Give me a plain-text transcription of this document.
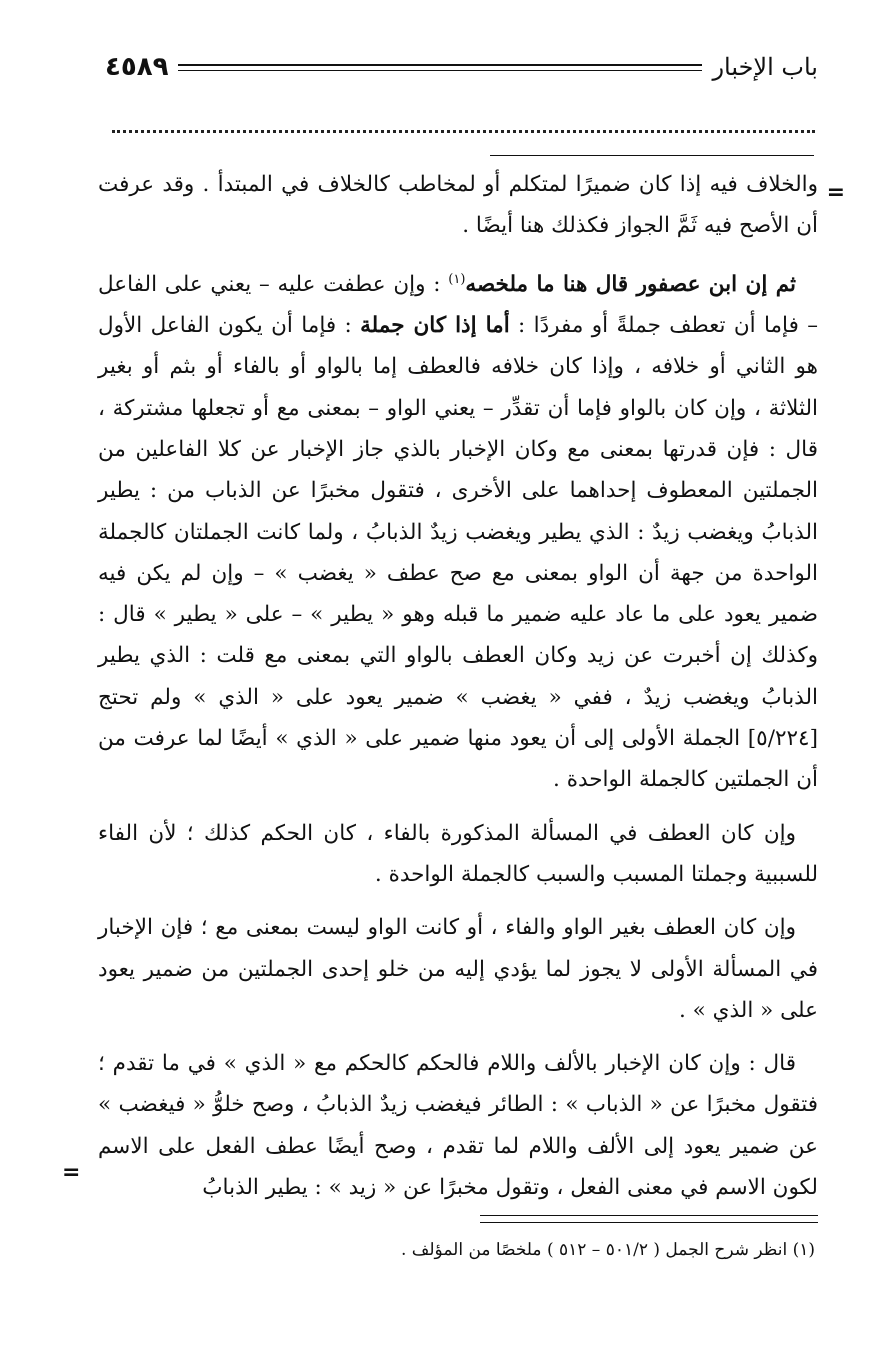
باب الإخبار
٤٥٨٩
=

والخلاف فيه إذا كان ضميرًا لمتكلم أو لمخاطب كالخلاف في المبتدأ . وقد عرفت أن الأصح فيه ثَمَّ الجواز فكذلك هنا أيضًا .

ثم إن ابن عصفور قال هنا ما ملخصه$^{(١)}$ : وإن عطفت عليه – يعني على الفاعل – فإما أن تعطف جملةً أو مفردًا : أما إذا كان جملة : فإما أن يكون الفاعل الأول هو الثاني أو خلافه ، وإذا كان خلافه فالعطف إما بالواو أو بالفاء أو بثم أو بغير الثلاثة ، وإن كان بالواو فإما أن تقدِّر – يعني الواو – بمعنى مع أو تجعلها مشتركة ، قال : فإن قدرتها بمعنى مع وكان الإخبار بالذي جاز الإخبار عن كلا الفاعلين من الجملتين المعطوف إحداهما على الأخرى ، فتقول مخبرًا عن الذباب من : يطير الذبابُ ويغضب زيدٌ : الذي يطير ويغضب زيدٌ الذبابُ ، ولما كانت الجملتان كالجملة الواحدة من جهة أن الواو بمعنى مع صح عطف « يغضب » – وإن لم يكن فيه ضمير يعود على ما عاد عليه ضمير ما قبله وهو « يطير » – على « يطير » قال : وكذلك إن أخبرت عن زيد وكان العطف بالواو التي بمعنى مع قلت : الذي يطير الذبابُ ويغضب زيدٌ ، ففي « يغضب » ضمير يعود على « الذي » ولم تحتج [٥/٢٢٤] الجملة الأولى إلى أن يعود منها ضمير على « الذي » أيضًا لما عرفت من أن الجملتين كالجملة الواحدة .

وإن كان العطف في المسألة المذكورة بالفاء ، كان الحكم كذلك ؛ لأن الفاء للسببية وجملتا المسبب والسبب كالجملة الواحدة .

وإن كان العطف بغير الواو والفاء ، أو كانت الواو ليست بمعنى مع ؛ فإن الإخبار في المسألة الأولى لا يجوز لما يؤدي إليه من خلو إحدى الجملتين من ضمير يعود على « الذي » .

قال : وإن كان الإخبار بالألف واللام فالحكم كالحكم مع « الذي » في ما تقدم ؛ فتقول مخبرًا عن « الذباب » : الطائر فيغضب زيدٌ الذبابُ ، وصح خلوُّ « فيغضب » عن ضمير يعود إلى الألف واللام لما تقدم ، وصح أيضًا عطف الفعل على الاسم لكون الاسم في معنى الفعل ، وتقول مخبرًا عن « زيد » : يطير الذبابُ

=
(١) انظر شرح الجمل ( ٥٠١/٢ – ٥١٢ ) ملخصًا من المؤلف .
